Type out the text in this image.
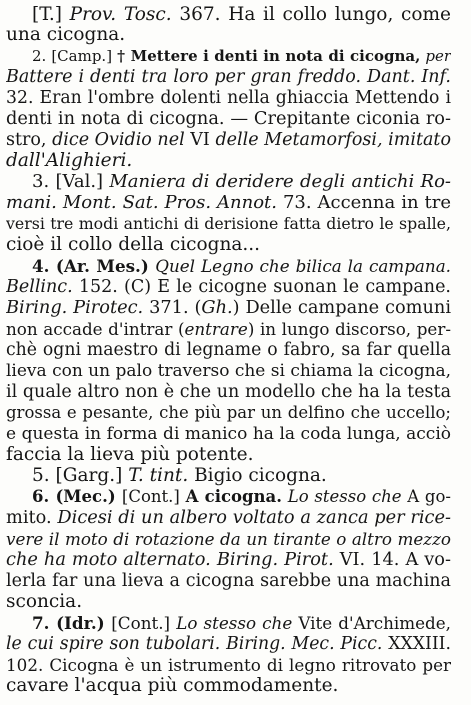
[T.] Prov. Tosc. 367. Ha il collo lungo, come
una cicogna.
2. [Camp.] † Mettere i denti in nota di cicogna, per
Battere i denti tra loro per gran freddo. Dant. Inf.
32. Eran l'ombre dolenti nella ghiaccia Mettendo i
denti in nota di cicogna. — Crepitante ciconia ro-
stro, dice Ovidio nel VI delle Metamorfosi, imitato
dall'Alighieri.
3. [Val.] Maniera di deridere degli antichi Ro-
mani. Mont. Sat. Pros. Annot. 73. Accenna in tre
versi tre modi antichi di derisione fatta dietro le spalle,
cioè il collo della cicogna...
4. (Ar. Mes.) Quel Legno che bilica la campana.
Bellinc. 152. (C) E le cicogne suonan le campane.
Biring. Pirotec. 371. (Gh.) Delle campane comuni
non accade d'intrar (entrare) in lungo discorso, per-
chè ogni maestro di legname o fabro, sa far quella
lieva con un palo traverso che si chiama la cicogna,
il quale altro non è che un modello che ha la testa
grossa e pesante, che più par un delfino che uccello;
e questa in forma di manico ha la coda lunga, acciò
faccia la lieva più potente.
5. [Garg.] T. tint. Bigio cicogna.
6. (Mec.) [Cont.] A cicogna. Lo stesso che A go-
mito. Dicesi di un albero voltato a zanca per rice-
vere il moto di rotazione da un tirante o altro mezzo
che ha moto alternato. Biring. Pirot. VI. 14. A vo-
lerla far una lieva a cicogna sarebbe una machina
sconcia.
7. (Idr.) [Cont.] Lo stesso che Vite d'Archimede,
le cui spire son tubolari. Biring. Mec. Picc. XXXIII.
102. Cicogna è un istrumento di legno ritrovato per
cavare l'acqua più commodamente.
